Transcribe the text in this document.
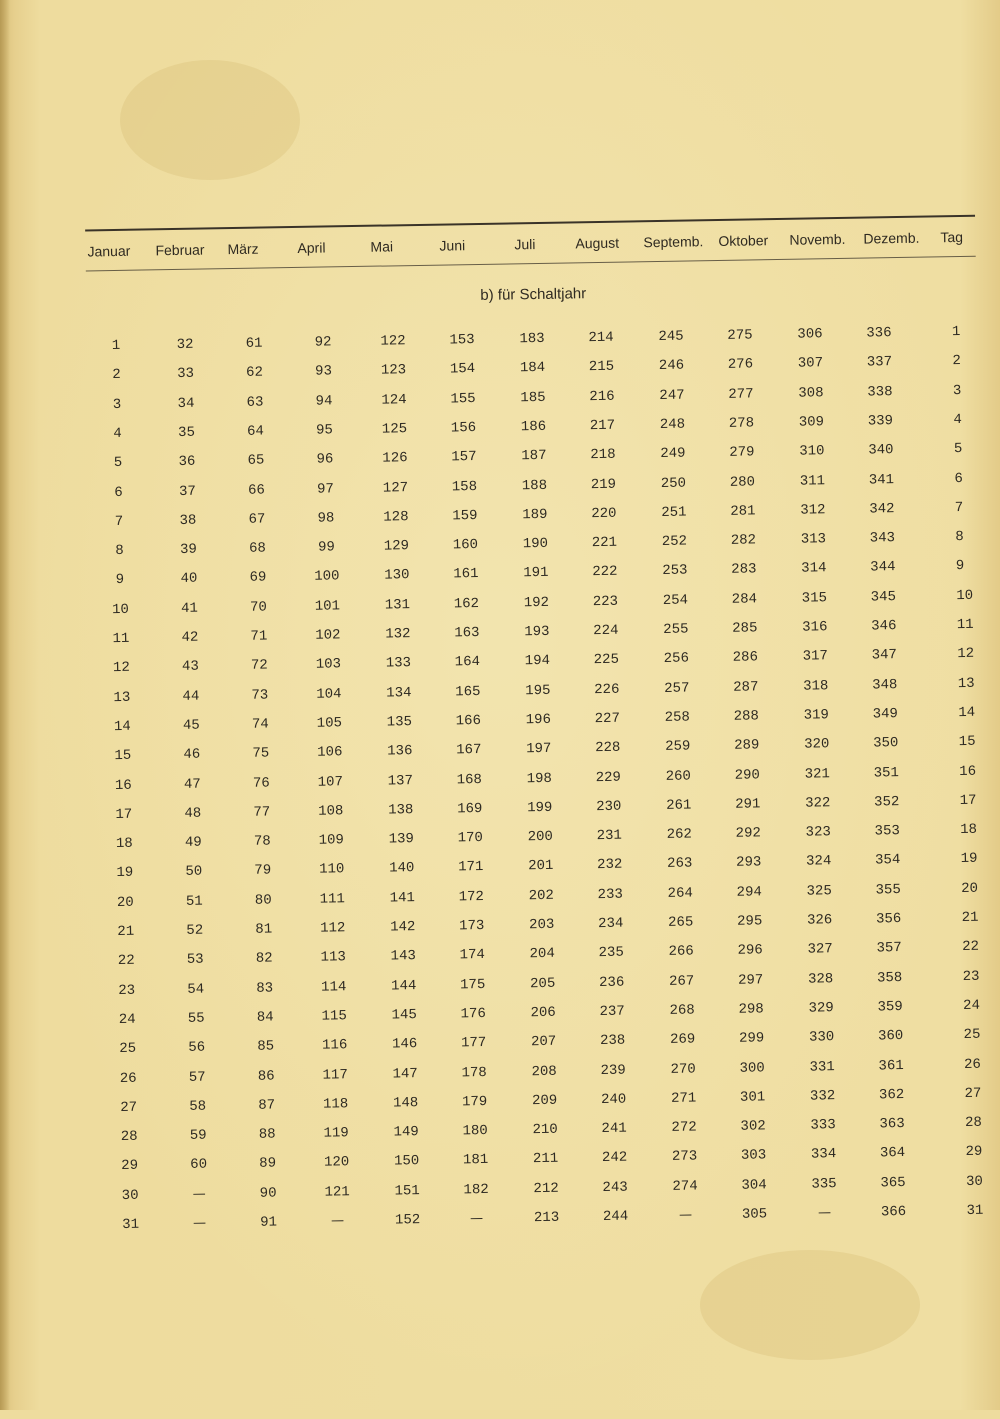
Januar Februar März	April	Mai	Juni	Juli	August Septemb. Oktober Novemb. Dezemb. Tag
b) für Schaltjahr
1	32	61	92	122	153	183	214	245	275	306	336	1
2	33	62	93	123	154	184	215	246	276	307	337	2
3	34	63	94	124	155	185	216	247	277	308	338	3
4	35	64	95	125	156	186	217	248	278	309	339	4
5	36	65	96	126	157	187	218	249	279	310	340	5
6	37	66	97	127	158	188	219	250	280	311	341	6
7	38	67	98	128	159	189	220	251	281	312	342	7
8	39	68	99	129	160	190	221	252	282	313	343	8
9	40	69	100	130	161	191	222	253	283	314	344	9
10	41	70	101	131	162	192	223	254	284	315	345	10
11	42	71	102	132	163	193	224	255	285	316	346	11
12	43	72	103	133	164	194	225	256	286	317	347	12
13	44	73	104	134	165	195	226	257	287	318	348	13
14	45	74	105	135	166	196	227	258	288	319	349	14
15	46	75	106	136	167	197	228	259	289	320	350	15
16	47	76	107	137	168	198	229	260	290	321	351	16
17	48	77	108	138	169	199	230	261	291	322	352	17
18	49	78	109	139	170	200	231	262	292	323	353	18
19	50	79	110	140	171	201	232	263	293	324	354	19
20	51	80	111	141	172	202	233	264	294	325	355	20
21	52	81	112	142	173	203	234	265	295	326	356	21
22	53	82	113	143	174	204	235	266	296	327	357	22
23	54	83	114	144	175	205	236	267	297	328	358	23
24	55	84	115	145	176	206	237	268	298	329	359	24
25	56	85	116	146	177	207	238	269	299	330	360	25
26	57	86	117	147	178	208	239	270	300	331	361	26
27	58	87	118	148	179	209	240	271	301	332	362	27
28	59	88	119	149	180	210	241	272	302	333	363	28
29	60	89	120	150	181	211	242	273	303	334	364	29
30	—	90	121	151	182	212	243	274	304	335	365	30
31	—	91	—	152	—	213	244	—	305	—	366	31
